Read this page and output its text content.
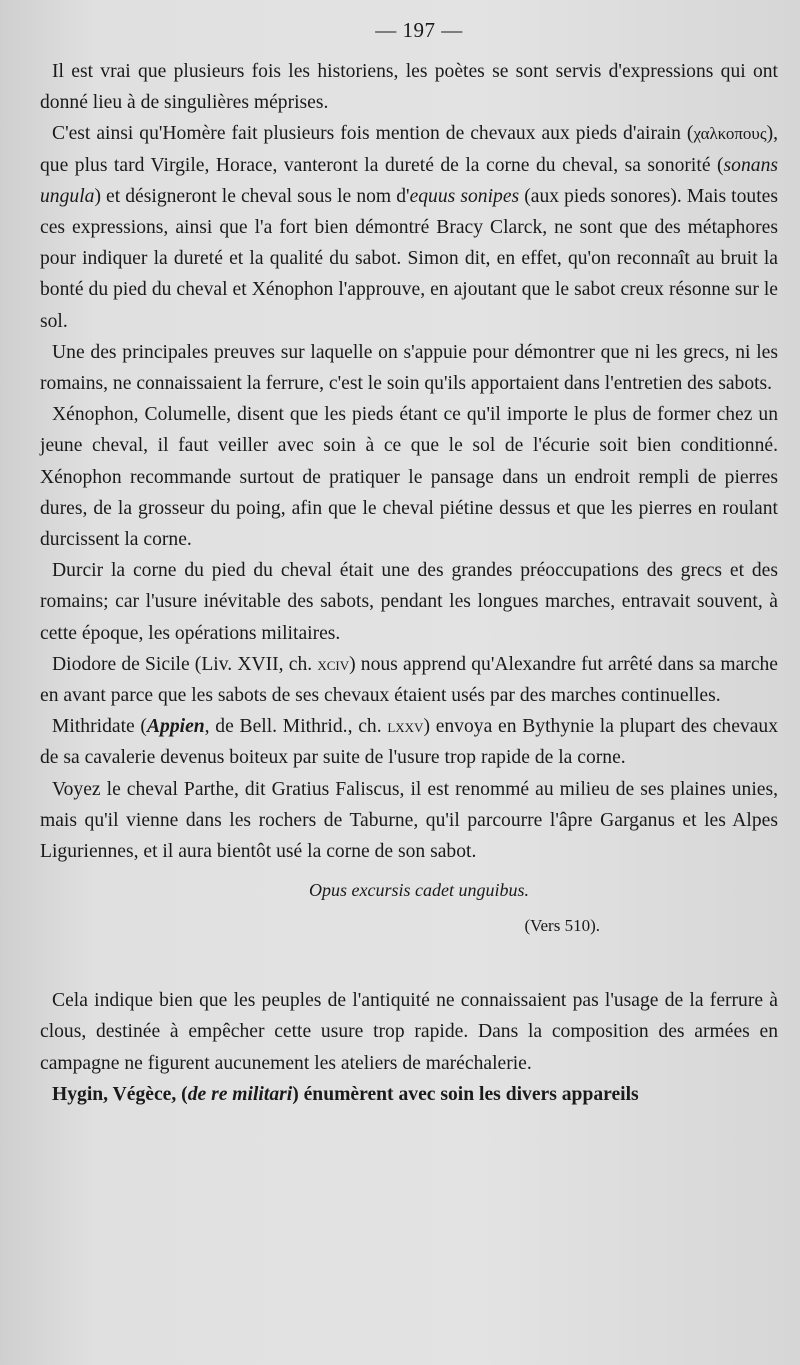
— 197 —

Il est vrai que plusieurs fois les historiens, les poètes se sont servis d'expressions qui ont donné lieu à de singulières méprises.

C'est ainsi qu'Homère fait plusieurs fois mention de chevaux aux pieds d'airain (χαλκοπους), que plus tard Virgile, Horace, vanteront la dureté de la corne du cheval, sa sonorité (sonans ungula) et désigneront le cheval sous le nom d'equus sonipes (aux pieds sonores). Mais toutes ces expressions, ainsi que l'a fort bien démontré Bracy Clarck, ne sont que des métaphores pour indiquer la dureté et la qualité du sabot. Simon dit, en effet, qu'on reconnaît au bruit la bonté du pied du cheval et Xénophon l'approuve, en ajoutant que le sabot creux résonne sur le sol.

Une des principales preuves sur laquelle on s'appuie pour démontrer que ni les grecs, ni les romains, ne connaissaient la ferrure, c'est le soin qu'ils apportaient dans l'entretien des sabots.

Xénophon, Columelle, disent que les pieds étant ce qu'il importe le plus de former chez un jeune cheval, il faut veiller avec soin à ce que le sol de l'écurie soit bien conditionné. Xénophon recommande surtout de pratiquer le pansage dans un endroit rempli de pierres dures, de la grosseur du poing, afin que le cheval piétine dessus et que les pierres en roulant durcissent la corne.

Durcir la corne du pied du cheval était une des grandes préoccupations des grecs et des romains; car l'usure inévitable des sabots, pendant les longues marches, entravait souvent, à cette époque, les opérations militaires.

Diodore de Sicile (Liv. XVII, ch. xciv) nous apprend qu'Alexandre fut arrêté dans sa marche en avant parce que les sabots de ses chevaux étaient usés par des marches continuelles.

Mithridate (Appien, de Bell. Mithrid., ch. lxxv) envoya en Bythynie la plupart des chevaux de sa cavalerie devenus boiteux par suite de l'usure trop rapide de la corne.

Voyez le cheval Parthe, dit Gratius Faliscus, il est renommé au milieu de ses plaines unies, mais qu'il vienne dans les rochers de Taburne, qu'il parcourre l'âpre Garganus et les Alpes Liguriennes, et il aura bientôt usé la corne de son sabot.

Opus excursis cadet unguibus.
(Vers 510).

Cela indique bien que les peuples de l'antiquité ne connaissaient pas l'usage de la ferrure à clous, destinée à empêcher cette usure trop rapide. Dans la composition des armées en campagne ne figurent aucunement les ateliers de maréchalerie.

Hygin, Végèce, (de re militari) énumèrent avec soin les divers appareils
